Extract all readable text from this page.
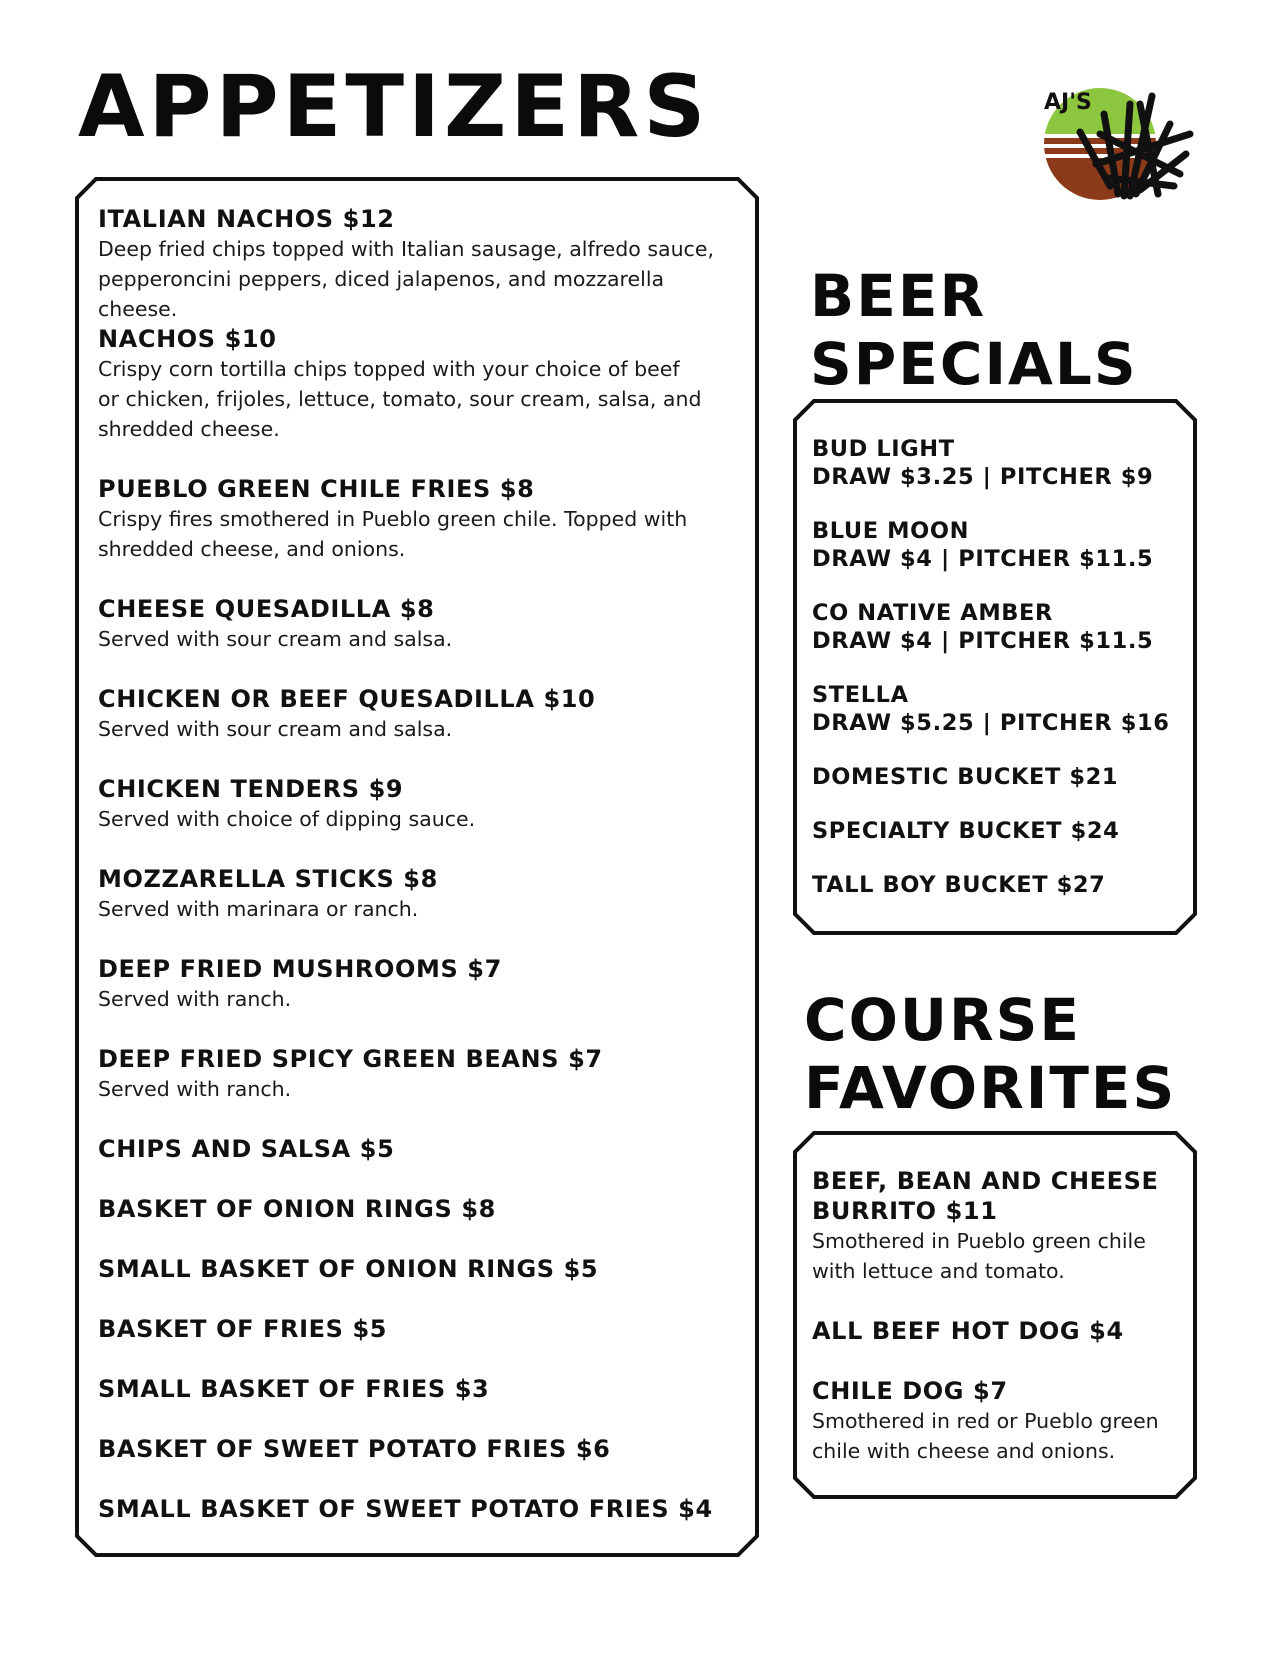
AJ'S
APPETIZERS
BEER
SPECIALS
COURSE
FAVORITES
ITALIAN NACHOS $12
Deep fried chips topped with Italian sausage, alfredo sauce,
pepperoncini peppers, diced jalapenos, and mozzarella cheese.
NACHOS $10
Crispy corn tortilla chips topped with your choice of beef
or chicken, frijoles, lettuce, tomato, sour cream, salsa, and
shredded cheese.
PUEBLO GREEN CHILE FRIES $8
Crispy fires smothered in Pueblo green chile. Topped with
shredded cheese, and onions.
CHEESE QUESADILLA $8
Served with sour cream and salsa.
CHICKEN OR BEEF QUESADILLA $10
Served with sour cream and salsa.
CHICKEN TENDERS $9
Served with choice of dipping sauce.
MOZZARELLA STICKS $8
Served with marinara or ranch.
DEEP FRIED MUSHROOMS $7
Served with ranch.
DEEP FRIED SPICY GREEN BEANS $7
Served with ranch.
CHIPS AND SALSA $5
BASKET OF ONION RINGS $8
SMALL BASKET OF ONION RINGS $5
BASKET OF FRIES $5
SMALL BASKET OF FRIES $3
BASKET OF SWEET POTATO FRIES $6
SMALL BASKET OF SWEET POTATO FRIES $4
BUD LIGHT
DRAW $3.25 | PITCHER $9
BLUE MOON
DRAW $4 | PITCHER $11.5
CO NATIVE AMBER
DRAW $4 | PITCHER $11.5
STELLA
DRAW $5.25 | PITCHER $16
DOMESTIC BUCKET $21
SPECIALTY BUCKET $24
TALL BOY BUCKET $27
BEEF, BEAN AND CHEESE
BURRITO $11
Smothered in Pueblo green chile
with lettuce and tomato.
ALL BEEF HOT DOG $4
CHILE DOG $7
Smothered in red or Pueblo green
chile with cheese and onions.
